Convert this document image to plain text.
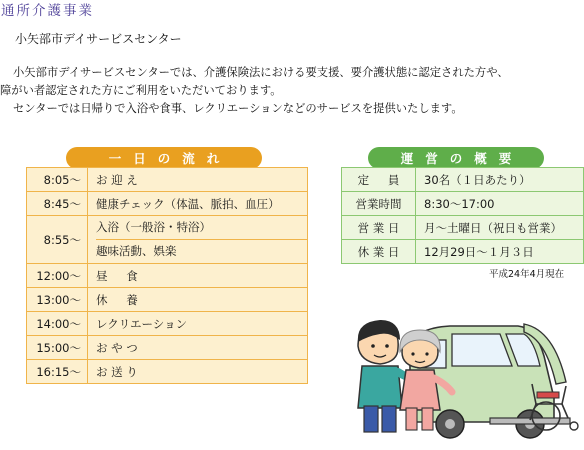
通所介護事業
小矢部市デイサービスセンター

小矢部市デイサービスセンターでは、介護保険法における要支援、要介護状態に認定された方や、

障がい者認定された方にご利用をいただいております。

センターでは日帰りで入浴や食事、レクリエーションなどのサービスを提供いたします。

一日の流れ	運営の概要
8:05～	お 迎 え
8:45～	健康チェック（体温、脈拍、血圧）
8:55～	入浴（一般浴・特浴）
趣味活動、娯楽

12:00～	昼 　 食
13:00～	休 　 養
14:00～	レクリエーション
15:00～	お や つ
16:15～	お 送 り
定 　 員	30名（１日あたり）
営業時間	8:30～17:00
営 業 日	月～土曜日（祝日も営業）
休 業 日	12月29日～１月３日

平成24年4月現在
